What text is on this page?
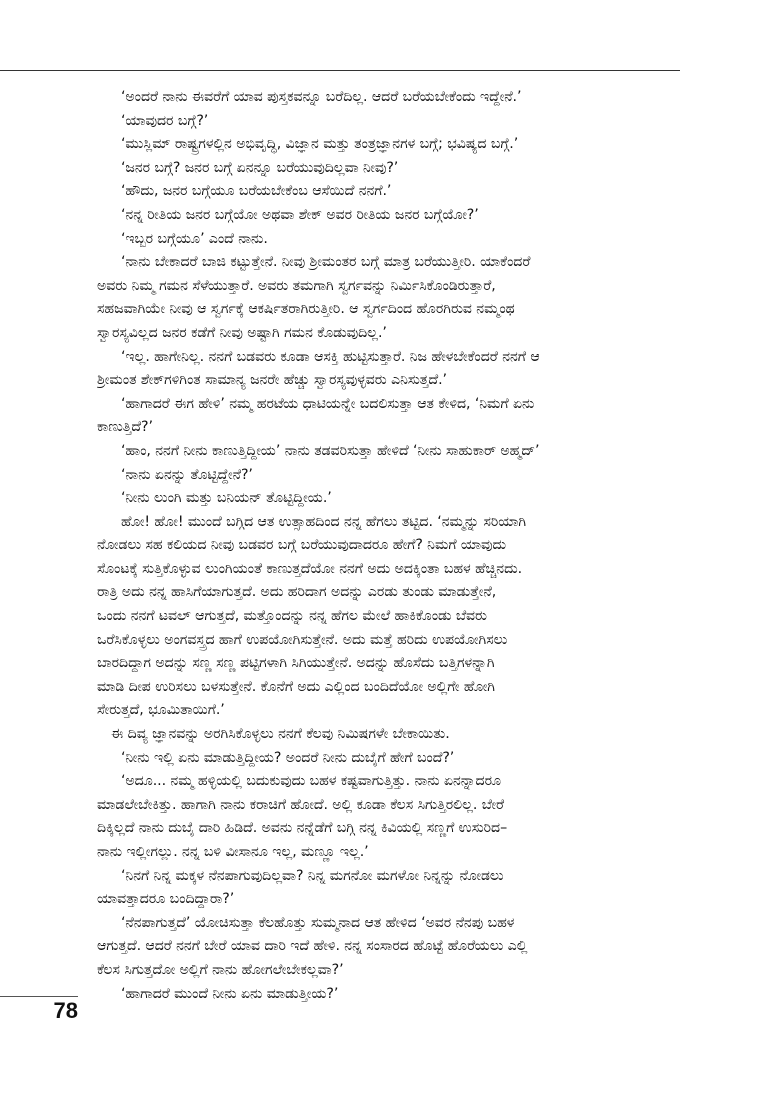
‘ಅಂದರೆ ನಾನು ಈವರೆಗೆ ಯಾವ ಪುಸ್ತಕವನ್ನೂ ಬರೆದಿಲ್ಲ. ಆದರೆ ಬರೆಯಬೇಕೆಂದು ಇದ್ದೇನೆ.’
‘ಯಾವುದರ ಬಗ್ಗೆ?’
‘ಮುಸ್ಲಿಮ್ ರಾಷ್ಟ್ರಗಳಲ್ಲಿನ ಅಭಿವೃದ್ಧಿ, ವಿಜ್ಞಾನ ಮತ್ತು ತಂತ್ರಜ್ಞಾನಗಳ ಬಗ್ಗೆ; ಭವಿಷ್ಯದ ಬಗ್ಗೆ.’
‘ಜನರ ಬಗ್ಗೆ? ಜನರ ಬಗ್ಗೆ ಏನನ್ನೂ ಬರೆಯುವುದಿಲ್ಲವಾ ನೀವು?’
‘ಹೌದು, ಜನರ ಬಗ್ಗೆಯೂ ಬರೆಯಬೇಕೆಂಬ ಆಸೆಯಿದೆ ನನಗೆ.’
‘ನನ್ನ ರೀತಿಯ ಜನರ ಬಗ್ಗೆಯೋ ಅಥವಾ ಶೇಕ್ ಅವರ ರೀತಿಯ ಜನರ ಬಗ್ಗೆಯೋ?’
‘ಇಬ್ಬರ ಬಗ್ಗೆಯೂ’ ಎಂದೆ ನಾನು.
‘ನಾನು ಬೇಕಾದರೆ ಬಾಜಿ ಕಟ್ಟುತ್ತೇನೆ. ನೀವು ಶ್ರೀಮಂತರ ಬಗ್ಗೆ ಮಾತ್ರ ಬರೆಯುತ್ತೀರಿ. ಯಾಕೆಂದರೆ
ಅವರು ನಿಮ್ಮ ಗಮನ ಸೆಳೆಯುತ್ತಾರೆ. ಅವರು ತಮಗಾಗಿ ಸ್ವರ್ಗವನ್ನು ನಿರ್ಮಿಸಿಕೊಂಡಿರುತ್ತಾರೆ,
ಸಹಜವಾಗಿಯೇ ನೀವು ಆ ಸ್ವರ್ಗಕ್ಕೆ ಆಕರ್ಷಿತರಾಗಿರುತ್ತೀರಿ. ಆ ಸ್ವರ್ಗದಿಂದ ಹೊರಗಿರುವ ನಮ್ಮಂಥ
ಸ್ವಾರಸ್ಯವಿಲ್ಲದ ಜನರ ಕಡೆಗೆ ನೀವು ಅಷ್ಟಾಗಿ ಗಮನ ಕೊಡುವುದಿಲ್ಲ.’
‘ಇಲ್ಲ. ಹಾಗೇನಿಲ್ಲ. ನನಗೆ ಬಡವರು ಕೂಡಾ ಆಸಕ್ತಿ ಹುಟ್ಟಿಸುತ್ತಾರೆ. ನಿಜ ಹೇಳಬೇಕೆಂದರೆ ನನಗೆ ಆ
ಶ್ರೀಮಂತ ಶೇಕ್‌ಗಳಿಗಿಂತ ಸಾಮಾನ್ಯ ಜನರೇ ಹೆಚ್ಚು ಸ್ವಾರಸ್ಯವುಳ್ಳವರು ಎನಿಸುತ್ತದೆ.’
‘ಹಾಗಾದರೆ ಈಗ ಹೇಳಿ’ ನಮ್ಮ ಹರಟೆಯ ಧಾಟಿಯನ್ನೇ ಬದಲಿಸುತ್ತಾ ಆತ ಕೇಳಿದ, ‘ನಿಮಗೆ ಏನು
ಕಾಣುತ್ತಿದೆ?’
‘ಹಾಂ, ನನಗೆ ನೀನು ಕಾಣುತ್ತಿದ್ದೀಯ’ ನಾನು ತಡವರಿಸುತ್ತಾ ಹೇಳಿದೆ ‘ನೀನು ಸಾಹುಕಾರ್ ಅಹ್ಮದ್’
‘ನಾನು ಏನನ್ನು ತೊಟ್ಟಿದ್ದೇನೆ?’
‘ನೀನು ಲುಂಗಿ ಮತ್ತು ಬನಿಯನ್ ತೊಟ್ಟಿದ್ದೀಯ.’
ಹೋ! ಹೋ! ಮುಂದೆ ಬಗ್ಗಿದ ಆತ ಉತ್ಸಾಹದಿಂದ ನನ್ನ ಹೆಗಲು ತಟ್ಟಿದ. ‘ನಮ್ಮನ್ನು ಸರಿಯಾಗಿ
ನೋಡಲು ಸಹ ಕಲಿಯದ ನೀವು ಬಡವರ ಬಗ್ಗೆ ಬರೆಯುವುದಾದರೂ ಹೇಗೆ? ನಿಮಗೆ ಯಾವುದು
ಸೊಂಟಕ್ಕೆ ಸುತ್ತಿಕೊಳ್ಳುವ ಲುಂಗಿಯಂತೆ ಕಾಣುತ್ತದೆಯೋ ನನಗೆ ಅದು ಅದಕ್ಕಿಂತಾ ಬಹಳ ಹೆಚ್ಚಿನದು.
ರಾತ್ರಿ ಅದು ನನ್ನ ಹಾಸಿಗೆಯಾಗುತ್ತದೆ. ಅದು ಹರಿದಾಗ ಅದನ್ನು ಎರಡು ತುಂಡು ಮಾಡುತ್ತೇನೆ,
ಒಂದು ನನಗೆ ಟವಲ್ ಆಗುತ್ತದೆ, ಮತ್ತೊಂದನ್ನು ನನ್ನ ಹೆಗಲ ಮೇಲೆ ಹಾಕಿಕೊಂಡು ಬೆವರು
ಒರೆಸಿಕೊಳ್ಳಲು ಅಂಗವಸ್ತ್ರದ ಹಾಗೆ ಉಪಯೋಗಿಸುತ್ತೇನೆ. ಅದು ಮತ್ತೆ ಹರಿದು ಉಪಯೋಗಿಸಲು
ಬಾರದಿದ್ದಾಗ ಅದನ್ನು ಸಣ್ಣ ಸಣ್ಣ ಪಟ್ಟಿಗಳಾಗಿ ಸಿಗಿಯುತ್ತೇನೆ. ಅದನ್ನು ಹೊಸೆದು ಬತ್ತಿಗಳನ್ನಾಗಿ
ಮಾಡಿ ದೀಪ ಉರಿಸಲು ಬಳಸುತ್ತೇನೆ. ಕೊನೆಗೆ ಅದು ಎಲ್ಲಿಂದ ಬಂದಿದೆಯೋ ಅಲ್ಲಿಗೇ ಹೋಗಿ
ಸೇರುತ್ತದೆ, ಭೂಮಿತಾಯಿಗೆ.’
ಈ ದಿವ್ಯ ಜ್ಞಾನವನ್ನು ಅರಗಿಸಿಕೊಳ್ಳಲು ನನಗೆ ಕೆಲವು ನಿಮಿಷಗಳೇ ಬೇಕಾಯಿತು.
‘ನೀನು ಇಲ್ಲಿ ಏನು ಮಾಡುತ್ತಿದ್ದೀಯ? ಅಂದರೆ ನೀನು ದುಬೈಗೆ ಹೇಗೆ ಬಂದೆ?’
‘ಅದೂ... ನಮ್ಮ ಹಳ್ಳಿಯಲ್ಲಿ ಬದುಕುವುದು ಬಹಳ ಕಷ್ಟವಾಗುತ್ತಿತ್ತು. ನಾನು ಏನನ್ನಾದರೂ
ಮಾಡಲೇಬೇಕಿತ್ತು. ಹಾಗಾಗಿ ನಾನು ಕರಾಚಿಗೆ ಹೋದೆ. ಅಲ್ಲಿ ಕೂಡಾ ಕೆಲಸ ಸಿಗುತ್ತಿರಲಿಲ್ಲ. ಬೇರೆ
ದಿಕ್ಕಿಲ್ಲದೆ ನಾನು ದುಬೈ ದಾರಿ ಹಿಡಿದೆ. ಅವನು ನನ್ನೆಡೆಗೆ ಬಗ್ಗಿ ನನ್ನ ಕಿವಿಯಲ್ಲಿ ಸಣ್ಣಗೆ ಉಸುರಿದ–
ನಾನು ಇಲ್ಲೀಗಲ್ಲು. ನನ್ನ ಬಳಿ ವೀಸಾನೂ ಇಲ್ಲ, ಮಣ್ಣೂ ಇಲ್ಲ.’
‘ನಿನಗೆ ನಿನ್ನ ಮಕ್ಕಳ ನೆನಪಾಗುವುದಿಲ್ಲವಾ? ನಿನ್ನ ಮಗನೋ ಮಗಳೋ ನಿನ್ನನ್ನು ನೋಡಲು
ಯಾವತ್ತಾದರೂ ಬಂದಿದ್ದಾರಾ?’
‘ನೆನಪಾಗುತ್ತದೆ’ ಯೋಚಿಸುತ್ತಾ ಕೆಲಹೊತ್ತು ಸುಮ್ಮನಾದ ಆತ ಹೇಳಿದ ‘ಅವರ ನೆನಪು ಬಹಳ
ಆಗುತ್ತದೆ. ಆದರೆ ನನಗೆ ಬೇರೆ ಯಾವ ದಾರಿ ಇದೆ ಹೇಳಿ. ನನ್ನ ಸಂಸಾರದ ಹೊಟ್ಟೆ ಹೊರೆಯಲು ಎಲ್ಲಿ
ಕೆಲಸ ಸಿಗುತ್ತದೋ ಅಲ್ಲಿಗೆ ನಾನು ಹೋಗಲೇಬೇಕಲ್ಲವಾ?’
‘ಹಾಗಾದರೆ ಮುಂದೆ ನೀನು ಏನು ಮಾಡುತ್ತೀಯ?’
78
